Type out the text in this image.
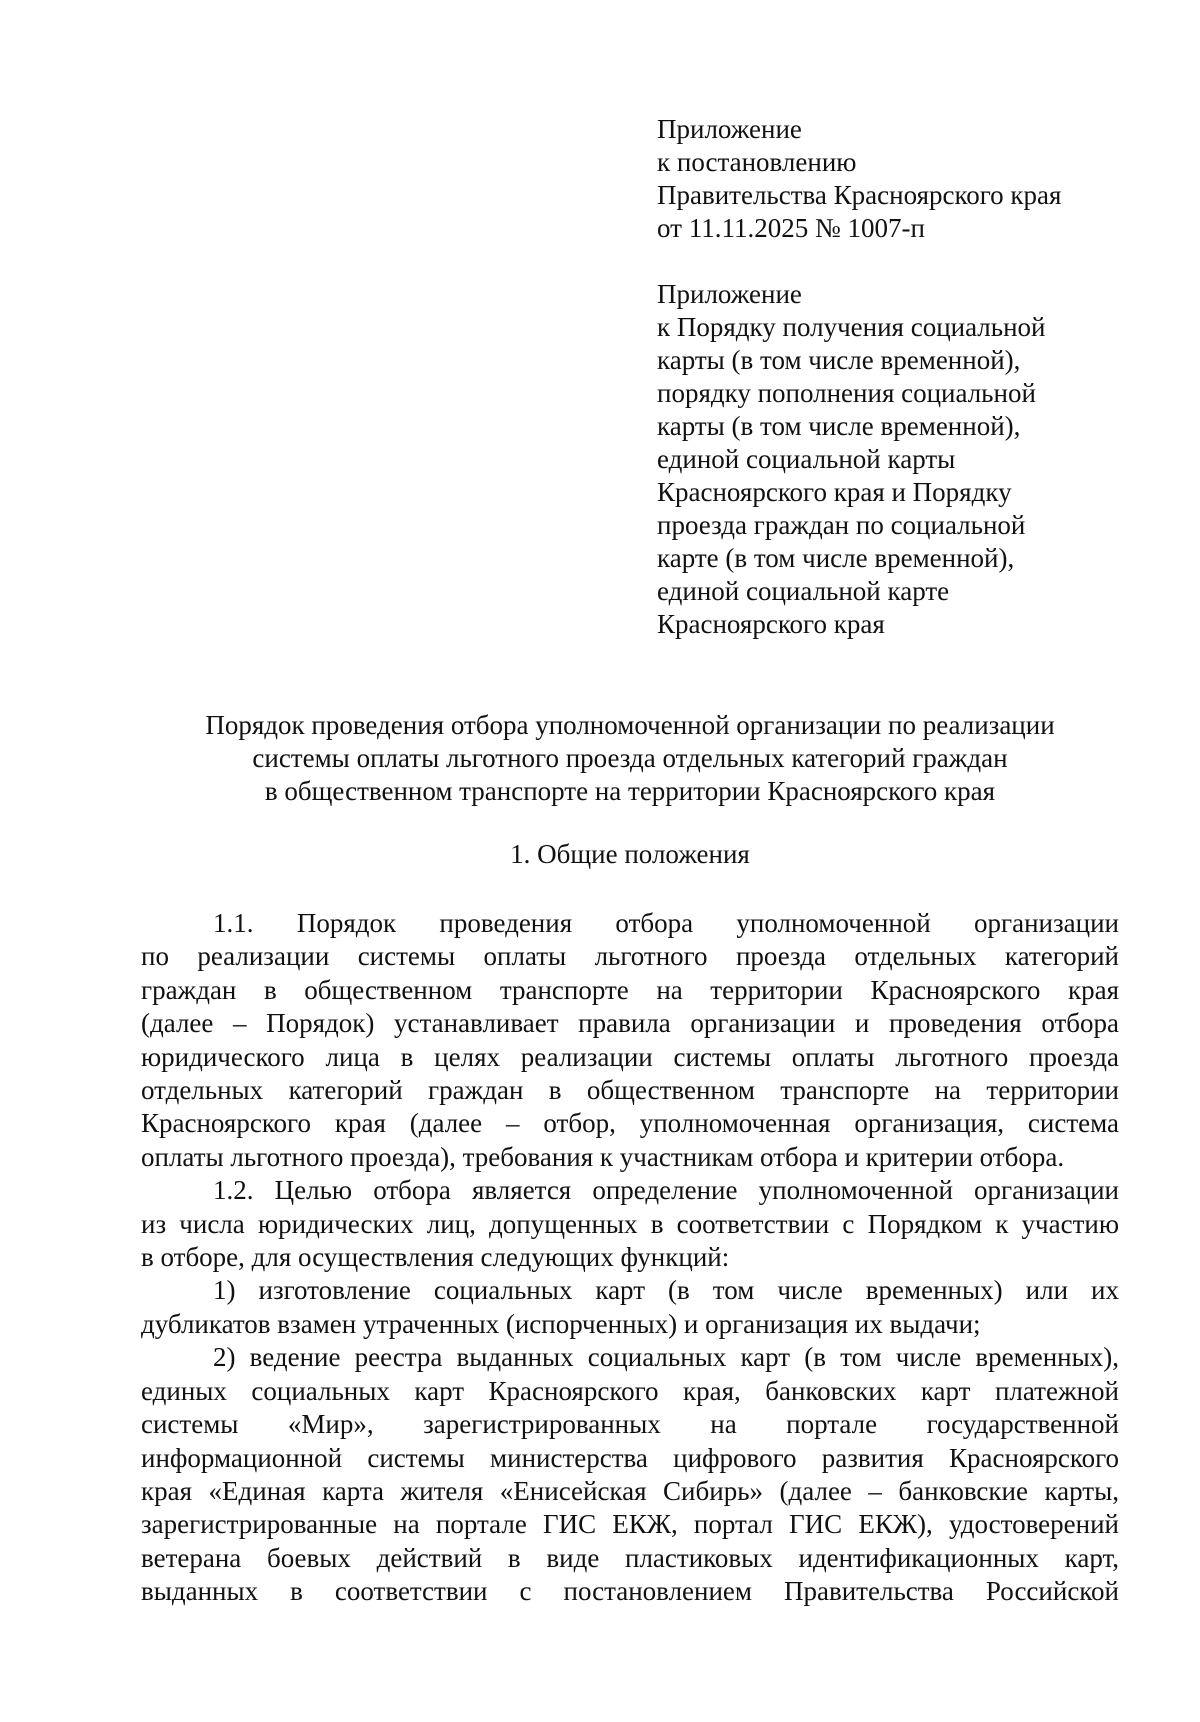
Приложение
к постановлению
Правительства Красноярского края
от 11.11.2025 № 1007-п
Приложение
к Порядку получения социальной
карты (в том числе временной),
порядку пополнения социальной
карты (в том числе временной),
единой социальной карты
Красноярского края и Порядку
проезда граждан по социальной
карте (в том числе временной),
единой социальной карте
Красноярского края
Порядок проведения отбора уполномоченной организации по реализации
системы оплаты льготного проезда отдельных категорий граждан
в общественном транспорте на территории Красноярского края
1. Общие положения
1.1. Порядок проведения отбора уполномоченной организации
по реализации системы оплаты льготного проезда отдельных категорий
граждан в общественном транспорте на территории Красноярского края
(далее – Порядок) устанавливает правила организации и проведения отбора
юридического лица в целях реализации системы оплаты льготного проезда
отдельных категорий граждан в общественном транспорте на территории
Красноярского края (далее – отбор, уполномоченная организация, система
оплаты льготного проезда), требования к участникам отбора и критерии отбора.
1.2. Целью отбора является определение уполномоченной организации
из числа юридических лиц, допущенных в соответствии с Порядком к участию
в отборе, для осуществления следующих функций:
1) изготовление социальных карт (в том числе временных) или их
дубликатов взамен утраченных (испорченных) и организация их выдачи;
2) ведение реестра выданных социальных карт (в том числе временных),
единых социальных карт Красноярского края, банковских карт платежной
системы «Мир», зарегистрированных на портале государственной
информационной системы министерства цифрового развития Красноярского
края «Единая карта жителя «Енисейская Сибирь» (далее – банковские карты,
зарегистрированные на портале ГИС ЕКЖ, портал ГИС ЕКЖ), удостоверений
ветерана боевых действий в виде пластиковых идентификационных карт,
выданных в соответствии с постановлением Правительства Российской
